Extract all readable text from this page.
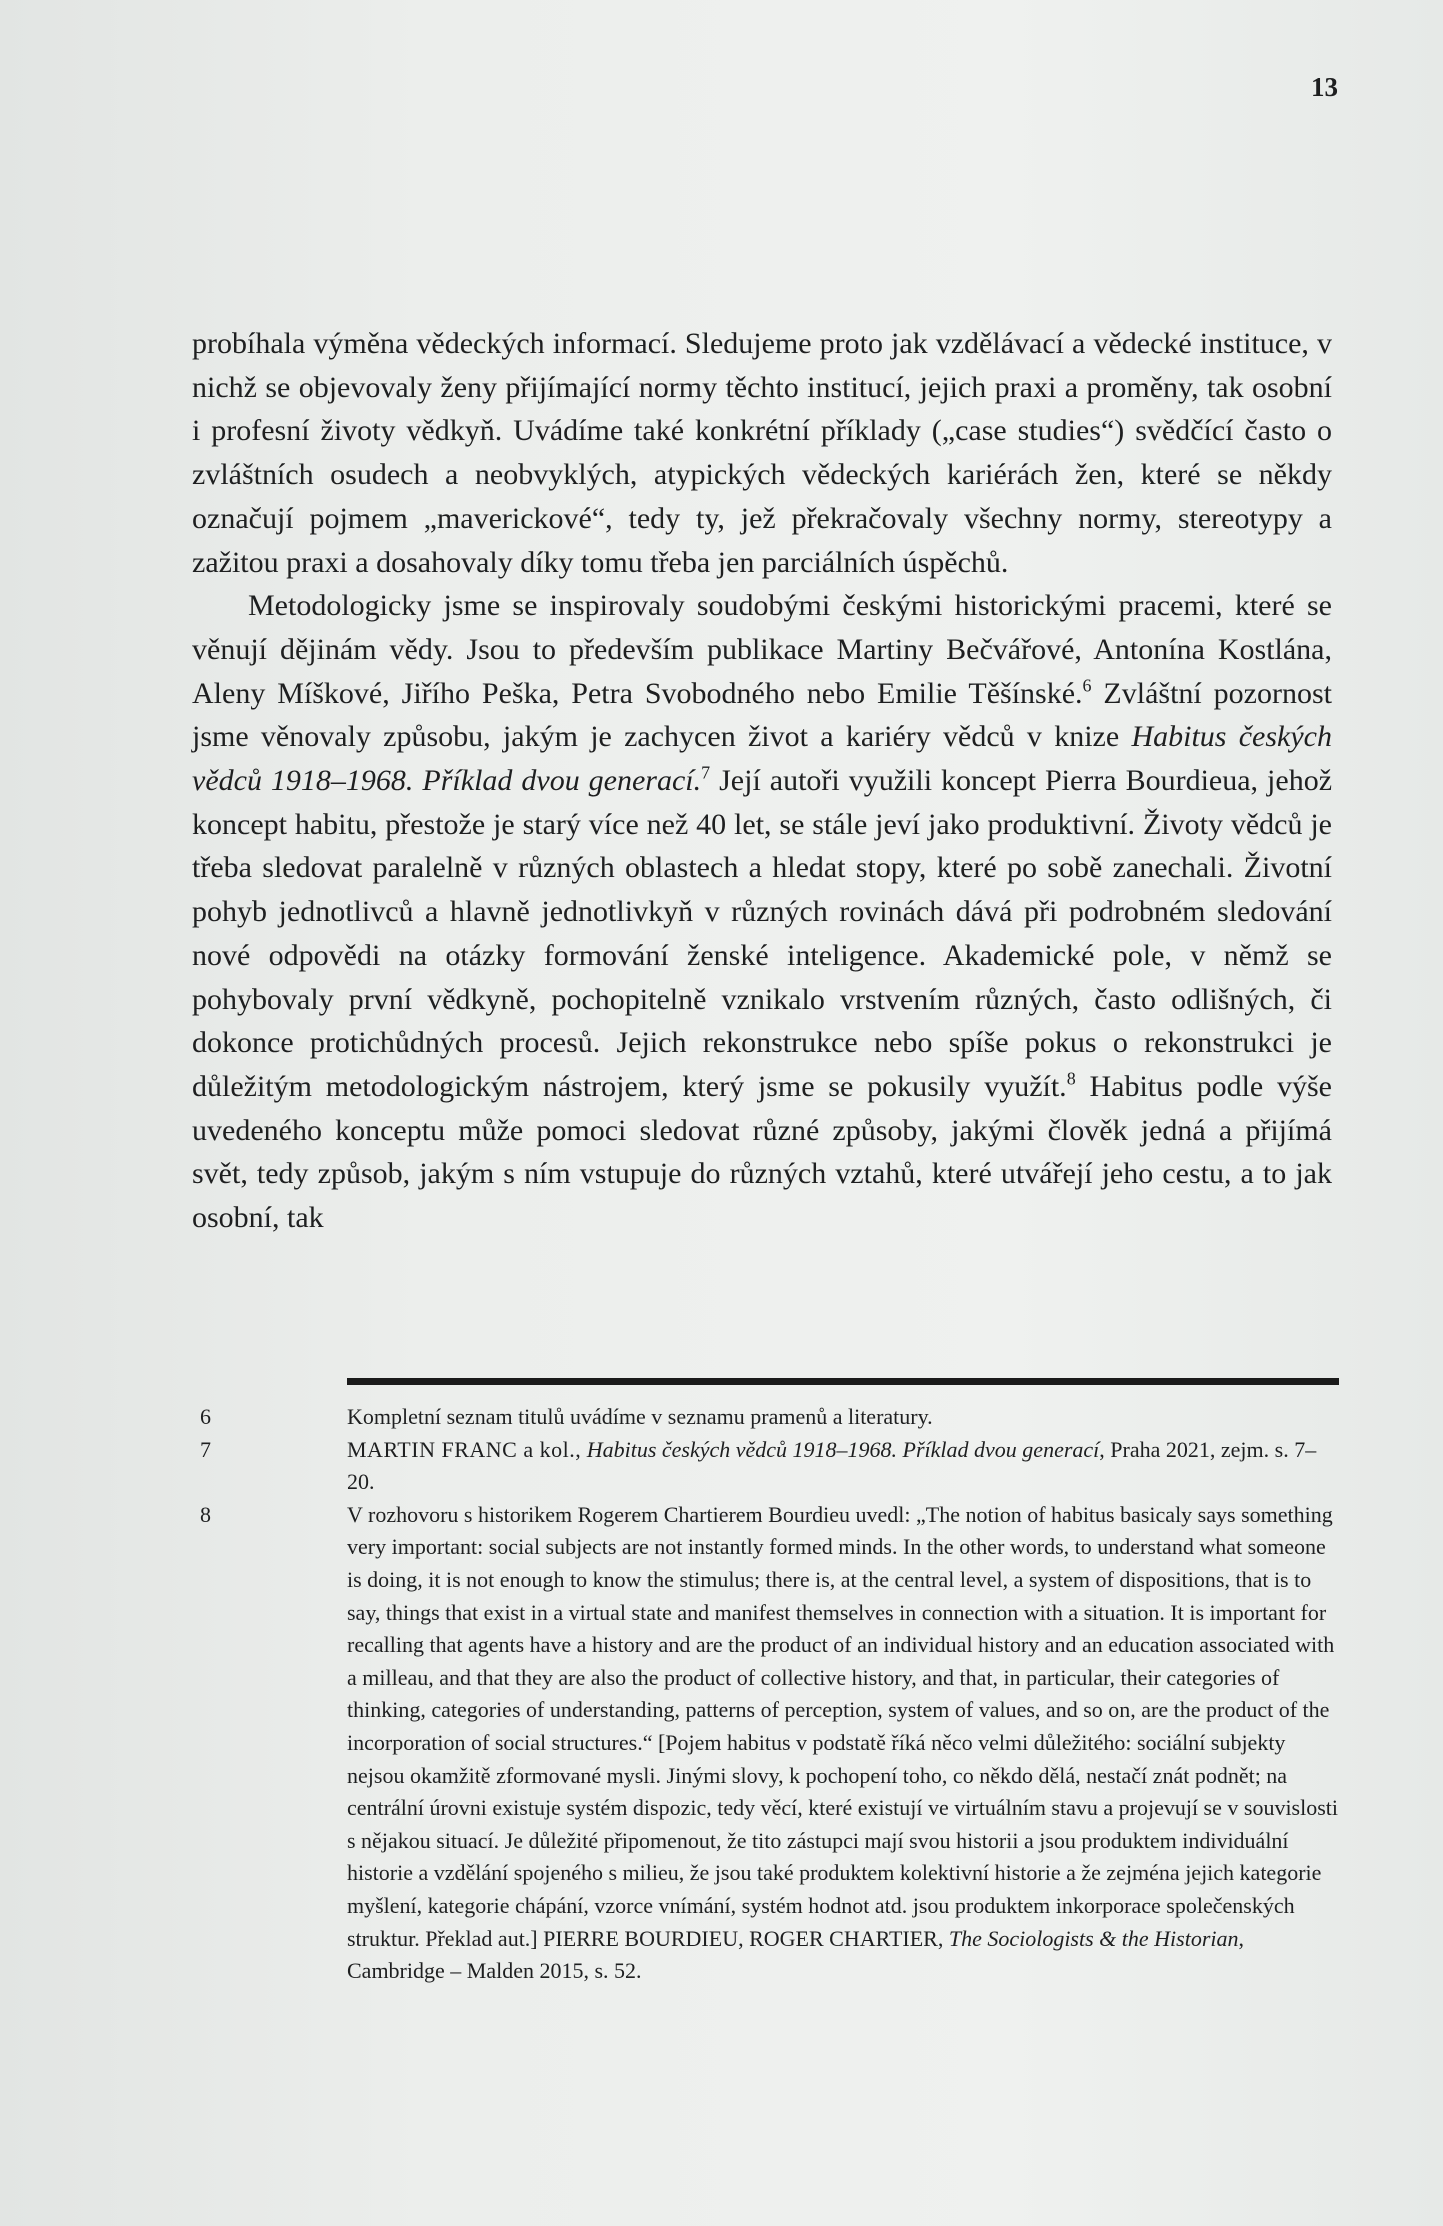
13

probíhala výměna vědeckých informací. Sledujeme proto jak vzdělávací a vědecké instituce, v nichž se objevovaly ženy přijímající normy těchto institucí, jejich praxi a proměny, tak osobní i profesní životy vědkyň. Uvádíme také konkrétní příklady („case studies“) svědčící často o zvláštních osudech a neobvyklých, atypických vědeckých kariérách žen, které se někdy označují pojmem „maverickové“, tedy ty, jež překračovaly všechny normy, stereotypy a zažitou praxi a dosahovaly díky tomu třeba jen parciálních úspěchů.

Metodologicky jsme se inspirovaly soudobými českými historickými pracemi, které se věnují dějinám vědy. Jsou to především publikace Martiny Bečvářové, Antonína Kostlána, Aleny Míškové, Jiřího Peška, Petra Svobodného nebo Emilie Těšínské.$^6$ Zvláštní pozornost jsme věnovaly způsobu, jakým je zachycen život a kariéry vědců v knize Habitus českých vědců 1918–1968. Příklad dvou generací.$^7$ Její autoři využili koncept Pierra Bourdieua, jehož koncept habitu, přestože je starý více než 40 let, se stále jeví jako produktivní. Životy vědců je třeba sledovat paralelně v různých oblastech a hledat stopy, které po sobě zanechali. Životní pohyb jednotlivců a hlavně jednotlivkyň v různých rovinách dává při podrobném sledování nové odpovědi na otázky formování ženské inteligence. Akademické pole, v němž se pohybovaly první vědkyně, pochopitelně vznikalo vrstvením různých, často odlišných, či dokonce protichůdných procesů. Jejich rekonstrukce nebo spíše pokus o rekonstrukci je důležitým metodologickým nástrojem, který jsme se pokusily využít.$^8$ Habitus podle výše uvedeného konceptu může pomoci sledovat různé způsoby, jakými člověk jedná a přijímá svět, tedy způsob, jakým s ním vstupuje do různých vztahů, které utvářejí jeho cestu, a to jak osobní, tak

6	Kompletní seznam titulů uvádíme v seznamu pramenů a literatury.
7	MARTIN FRANC a kol., Habitus českých vědců 1918–1968. Příklad dvou generací, Praha 2021, zejm. s. 7–20.
8	V rozhovoru s historikem Rogerem Chartierem Bourdieu uvedl: „The notion of habitus basicaly says something very important: social subjects are not instantly formed minds. In the other words, to understand what someone is doing, it is not enough to know the stimulus; there is, at the central level, a system of dispositions, that is to say, things that exist in a virtual state and manifest themselves in connection with a situation. It is important for recalling that agents have a history and are the product of an individual history and an education associated with a milleau, and that they are also the product of collective history, and that, in particular, their categories of thinking, categories of understanding, patterns of perception, system of values, and so on, are the product of the incorporation of social structures.“ [Pojem habitus v podstatě říká něco velmi důležitého: sociální subjekty nejsou okamžitě zformované mysli. Jinými slovy, k pochopení toho, co někdo dělá, nestačí znát podnět; na centrální úrovni existuje systém dispozic, tedy věcí, které existují ve virtuálním stavu a projevují se v souvislosti s nějakou situací. Je důležité připomenout, že tito zástupci mají svou historii a jsou produktem individuální historie a vzdělání spojeného s milieu, že jsou také produktem kolektivní historie a že zejména jejich kategorie myšlení, kategorie chápání, vzorce vnímání, systém hodnot atd. jsou produktem inkorporace společenských struktur. Překlad aut.] PIERRE BOURDIEU, ROGER CHARTIER, The Sociologists & the Historian, Cambridge – Malden 2015, s. 52.
